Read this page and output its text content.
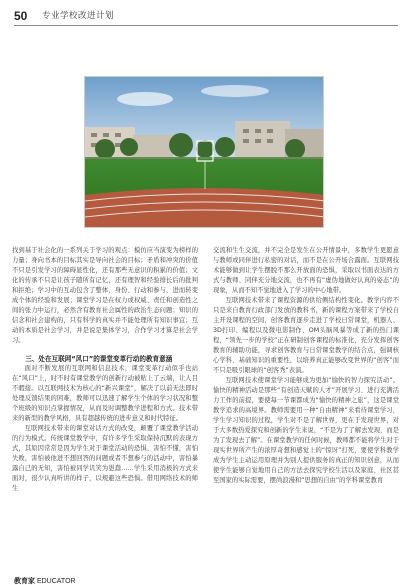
50 专业学校改进计划

找到基于社会化的一系列关于学习的观点：模仿应当演变为榜样的力量；身向书本的目标其实是导向社会的目标；矛盾和冲突的价值不只是引发学习的障碍显性化，还有那些无意识的积累的价值；文化的传承不只是让孩子随所有记忆，还有理智和经验排长后的批判和拒绝；学习中的互动包含了整体、身份、行动和参与，进而转变成个体的经验和发展；课堂学习是在权力或权威、责任和创造性之间的张力中运行，必然含有教育社会属性的政治生态问题；知识的信念和社会建构的，只有科学的真实并不能处理所有知识事宜；互动的本质是社会学习，并是说是集体学习，合作学习才算是社会学习。

三、处在互联网“风口”的课堂变革行动的教育意涵

面对不断发展的互联网和信息技术，课堂变革行动似乎也站在“风口”上，时不时有课堂教学的创新行动被贴上了云端，让人目不暇接。以互联网技术为核心的“新兴课堂”，解决了以前无法即时处理反馈结果的困难，教师可以迅速了解学生个体的学习状况和整个班级的知识点掌握情况，从而及时调整教学进程和方式。技术带来的新型的教学风格，具有超越传统的进步意义和时代特征。

互联网技术带来的课堂对话方式的改变，颠覆了课堂教学活动的行为模式。传统课堂教学中，有许多学生采取保持沉默的表现方式，其原因常常是因为学生对于课堂活动的恐惧、害怕不懂，害怕失败，害怕被他进不想回答的问题或者不想参与的活动中，害怕暴露自己的无知，害怕被同学讥笑为愚蠢……学生采用消极的方式来面对，很少认真听讲的样子，以规避这些恐惧。借用网络技术的师生

交流和生生交流，并不完全是发生在公开情景中，多数学生更愿意与教师或同伴进行私密的对话，而不是在公开场合露面。互联网技术能够做到让学生摆脱不那么开放面的恐惧，采取以书面表达的方式与教师、同伴充分地交流，也不再有“虚伪地做好认真的姿态”的现象，从而不知不觉地进入了学习的中心地带。

互联网技术带来了课程资源的供给侧结构性变化。教学内容不只是来自教育行政部门发放的教科书，新的课程方案带来了学校自主开设课程的空间，创客教育逐步走进了学校日常课堂，机器人、3D打印、编程以及微电影制作、OM头脑风暴等成了新的热门课程，“领先一步的学校”正在研制创客课程的标准化，充分发挥创客教育的辅助功能，寻求创客教育与日常课堂教学的结合点，强调核心学科、基础知识的重要性，以培养真正能够改变世界的“创客”而不只是吸引眼球的“创客秀”表演。

互联网技术使课堂学习能够成为更加“愉快的智力探究活动”。愉快的精神活动是那些“有创造天赋的人才”开展学习、进行充满活力工作的前提，要使每一节课都成为“愉快的精神之旅”，这是课堂教学追求的高境界。教师需要用一种“自由精神”来看待课堂学习，学生学习知识的过程，学生对不是了解世界，更在于发现世界，对于大多数热爱探究和创新的学生来说，“不是为了了解去发现，而是为了发现去了解”。在课堂教学的任何时候，教师都不能将学生对于现实世界所产生的浓厚奇想和感觉上的“惊讶”打死，要使学科教学成为学生主动运用原理并为别人提供服务的真正的知识创意，从而使学生能够自觉地用自己的方法去探究学校生活以及家庭、社区甚至国家的实际需要，摆尚浪漫和“思想的自由”的学科课堂教育

教育家 EDUCATOR
